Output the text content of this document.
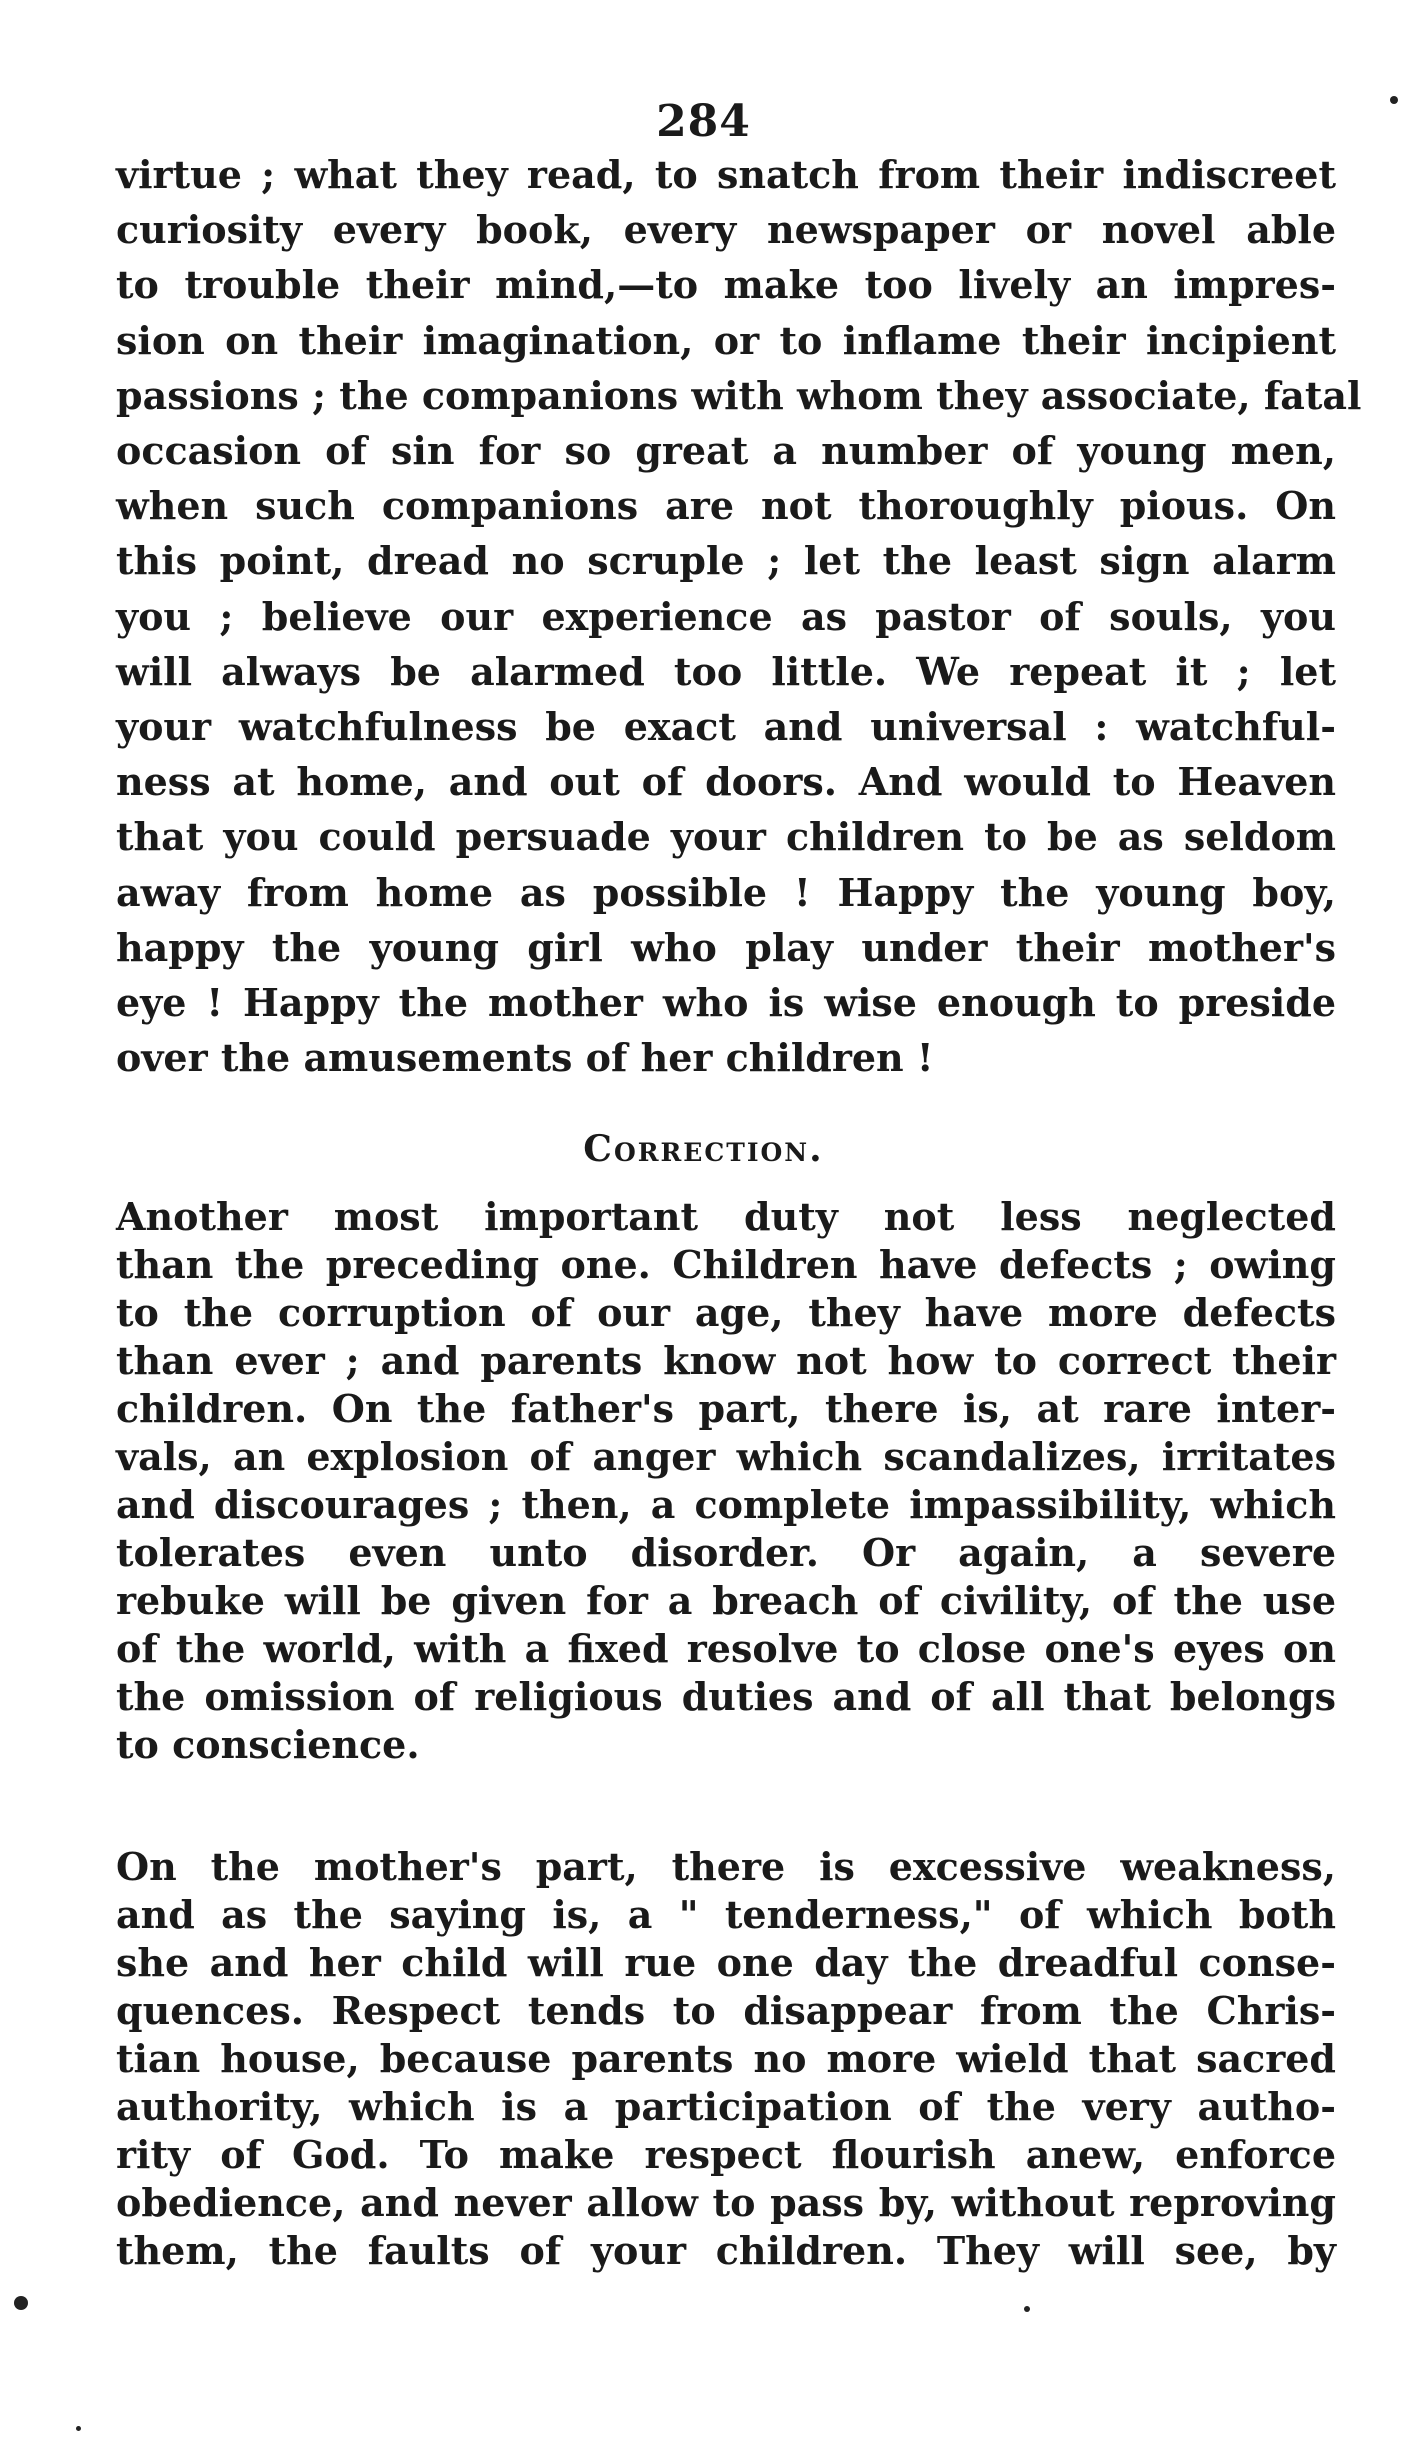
284
virtue ; what they read, to snatch from their indiscreet
curiosity every book, every newspaper or novel able
to trouble their mind,—to make too lively an impres-
sion on their imagination, or to inflame their incipient
passions ; the companions with whom they associate, fatal
occasion of sin for so great a number of young men,
when such companions are not thoroughly pious. On
this point, dread no scruple ; let the least sign alarm
you ; believe our experience as pastor of souls, you
will always be alarmed too little. We repeat it ; let
your watchfulness be exact and universal : watchful-
ness at home, and out of doors. And would to Heaven
that you could persuade your children to be as seldom
away from home as possible ! Happy the young boy,
happy the young girl who play under their mother's
eye ! Happy the mother who is wise enough to preside
over the amusements of her children !
Correction.
Another most important duty not less neglected
than the preceding one. Children have defects ; owing
to the corruption of our age, they have more defects
than ever ; and parents know not how to correct their
children. On the father's part, there is, at rare inter-
vals, an explosion of anger which scandalizes, irritates
and discourages ; then, a complete impassibility, which
tolerates even unto disorder. Or again, a severe
rebuke will be given for a breach of civility, of the use
of the world, with a fixed resolve to close one's eyes on
the omission of religious duties and of all that belongs
to conscience.
On the mother's part, there is excessive weakness,
and as the saying is, a " tenderness," of which both
she and her child will rue one day the dreadful conse-
quences. Respect tends to disappear from the Chris-
tian house, because parents no more wield that sacred
authority, which is a participation of the very autho-
rity of God. To make respect flourish anew, enforce
obedience, and never allow to pass by, without reproving
them, the faults of your children. They will see, by
